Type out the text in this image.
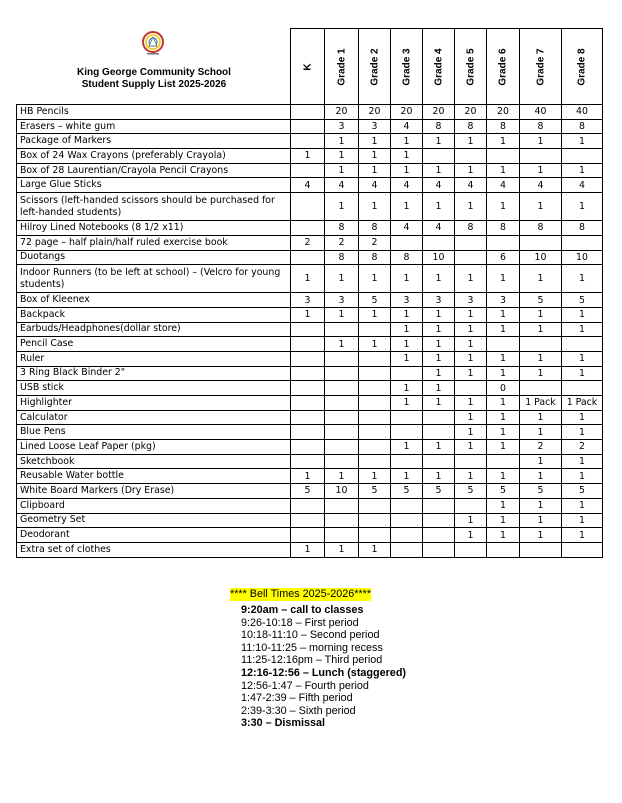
King George Community School
Student Supply List 2025-2026

	K	Grade 1	Grade 2	Grade 3	Grade 4	Grade 5	Grade 6	Grade 7	Grade 8

HB Pencils		20	20	20	20	20	20	40	40
Erasers – white gum		3	3	4	8	8	8	8	8
Package of Markers		1	1	1	1	1	1	1	1
Box of 24 Wax Crayons (preferably Crayola)	1	1	1	1					
Box of 28 Laurentian/Crayola Pencil Crayons		1	1	1	1	1	1	1	1
Large Glue Sticks	4	4	4	4	4	4	4	4	4
Scissors (left-handed scissors should be purchased for left-handed students)		1	1	1	1	1	1	1	1
Hilroy Lined Notebooks (8 1/2 x11)		8	8	4	4	8	8	8	8
72 page – half plain/half ruled exercise book	2	2	2						
Duotangs		8	8	8	10		6	10	10
Indoor Runners (to be left at school) – (Velcro for young students)	1	1	1	1	1	1	1	1	1
Box of Kleenex	3	3	5	3	3	3	3	5	5
Backpack	1	1	1	1	1	1	1	1	1
Earbuds/Headphones(dollar store)				1	1	1	1	1	1
Pencil Case		1	1	1	1	1			
Ruler				1	1	1	1	1	1
3 Ring Black Binder 2"					1	1	1	1	1
USB stick				1	1		0		
Highlighter				1	1	1	1	1 Pack	1 Pack
Calculator						1	1	1	1
Blue Pens						1	1	1	1
Lined Loose Leaf Paper (pkg)				1	1	1	1	2	2
Sketchbook								1	1
Reusable Water bottle	1	1	1	1	1	1	1	1	1
White Board Markers (Dry Erase)	5	10	5	5	5	5	5	5	5
Clipboard							1	1	1
Geometry Set						1	1	1	1
Deodorant						1	1	1	1
Extra set of clothes	1	1	1						
**** Bell Times 2025-2026****
9:20am – call to classes
9:26-10:18 – First period
10:18-11:10 – Second period
11:10-11:25 – morning recess
11:25-12:16pm – Third period
12:16-12:56 – Lunch (staggered)
12:56-1:47 – Fourth period
1:47-2:39 – Fifth period
2:39-3:30 – Sixth period
3:30 – Dismissal
